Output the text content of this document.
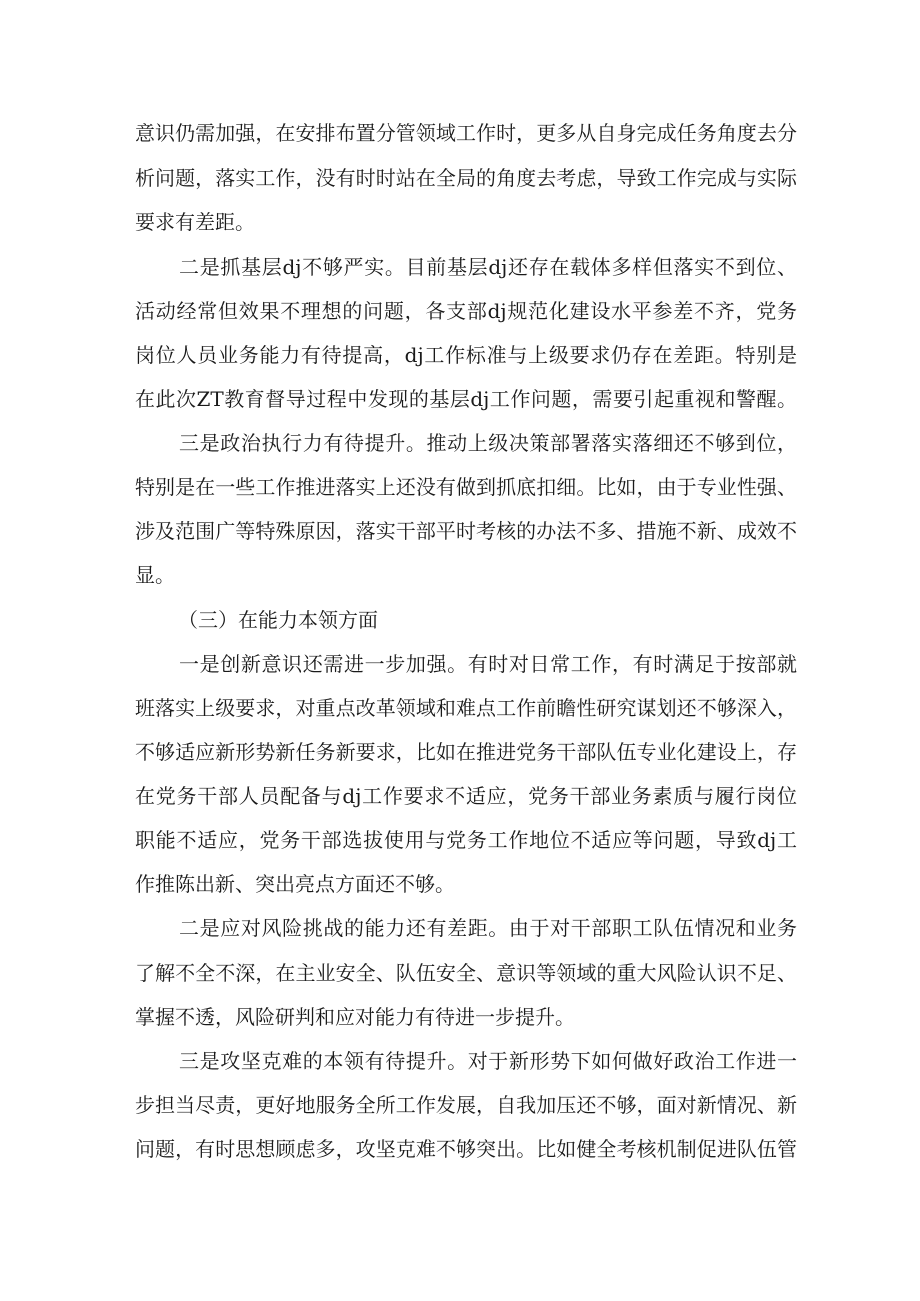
意识仍需加强，在安排布置分管领域工作时，更多从自身完成任务角度去分
析问题，落实工作，没有时时站在全局的角度去考虑，导致工作完成与实际
要求有差距。
二是抓基层dj不够严实。目前基层dj还存在载体多样但落实不到位、
活动经常但效果不理想的问题，各支部dj规范化建设水平参差不齐，党务
岗位人员业务能力有待提高，dj工作标准与上级要求仍存在差距。特别是
在此次ZT教育督导过程中发现的基层dj工作问题，需要引起重视和警醒。
三是政治执行力有待提升。推动上级决策部署落实落细还不够到位，
特别是在一些工作推进落实上还没有做到抓底扣细。比如，由于专业性强、
涉及范围广等特殊原因，落实干部平时考核的办法不多、措施不新、成效不
显。
（三）在能力本领方面
一是创新意识还需进一步加强。有时对日常工作，有时满足于按部就
班落实上级要求，对重点改革领域和难点工作前瞻性研究谋划还不够深入，
不够适应新形势新任务新要求，比如在推进党务干部队伍专业化建设上，存
在党务干部人员配备与dj工作要求不适应，党务干部业务素质与履行岗位
职能不适应，党务干部选拔使用与党务工作地位不适应等问题，导致dj工
作推陈出新、突出亮点方面还不够。
二是应对风险挑战的能力还有差距。由于对干部职工队伍情况和业务
了解不全不深，在主业安全、队伍安全、意识等领域的重大风险认识不足、
掌握不透，风险研判和应对能力有待进一步提升。
三是攻坚克难的本领有待提升。对于新形势下如何做好政治工作进一
步担当尽责，更好地服务全所工作发展，自我加压还不够，面对新情况、新
问题，有时思想顾虑多，攻坚克难不够突出。比如健全考核机制促进队伍管
